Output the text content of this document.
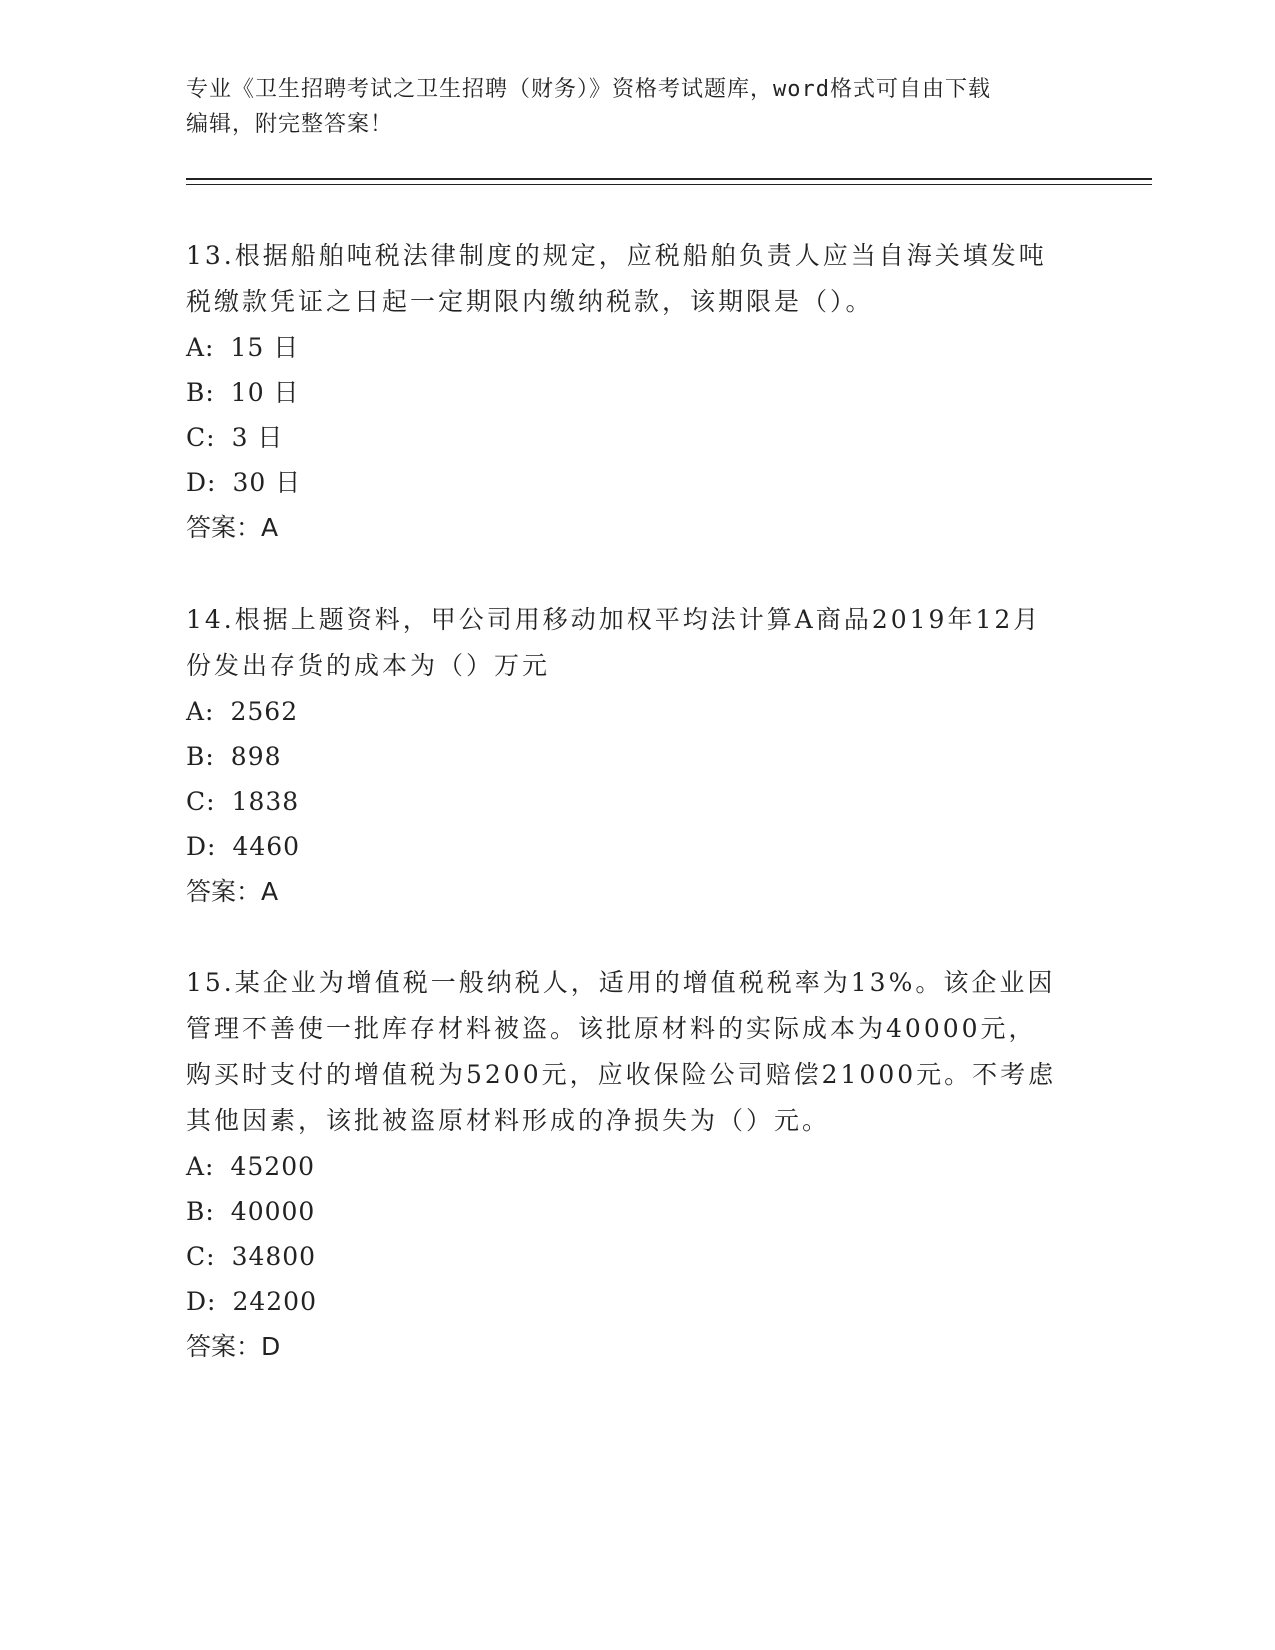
专业《卫生招聘考试之卫生招聘（财务）》资格考试题库，word格式可自由下载
编辑，附完整答案！
13.根据船舶吨税法律制度的规定，应税船舶负责人应当自海关填发吨
税缴款凭证之日起一定期限内缴纳税款，该期限是（）。
A: 15 日
B: 10 日
C: 3 日
D: 30 日
答案：A
14.根据上题资料，甲公司用移动加权平均法计算A商品2019年12月
份发出存货的成本为（）万元
A: 2562
B: 898
C: 1838
D: 4460
答案：A
15.某企业为增值税一般纳税人，适用的增值税税率为13%。该企业因
管理不善使一批库存材料被盗。该批原材料的实际成本为40000元，
购买时支付的增值税为5200元，应收保险公司赔偿21000元。不考虑
其他因素，该批被盗原材料形成的净损失为（）元。
A: 45200
B: 40000
C: 34800
D: 24200
答案：D
